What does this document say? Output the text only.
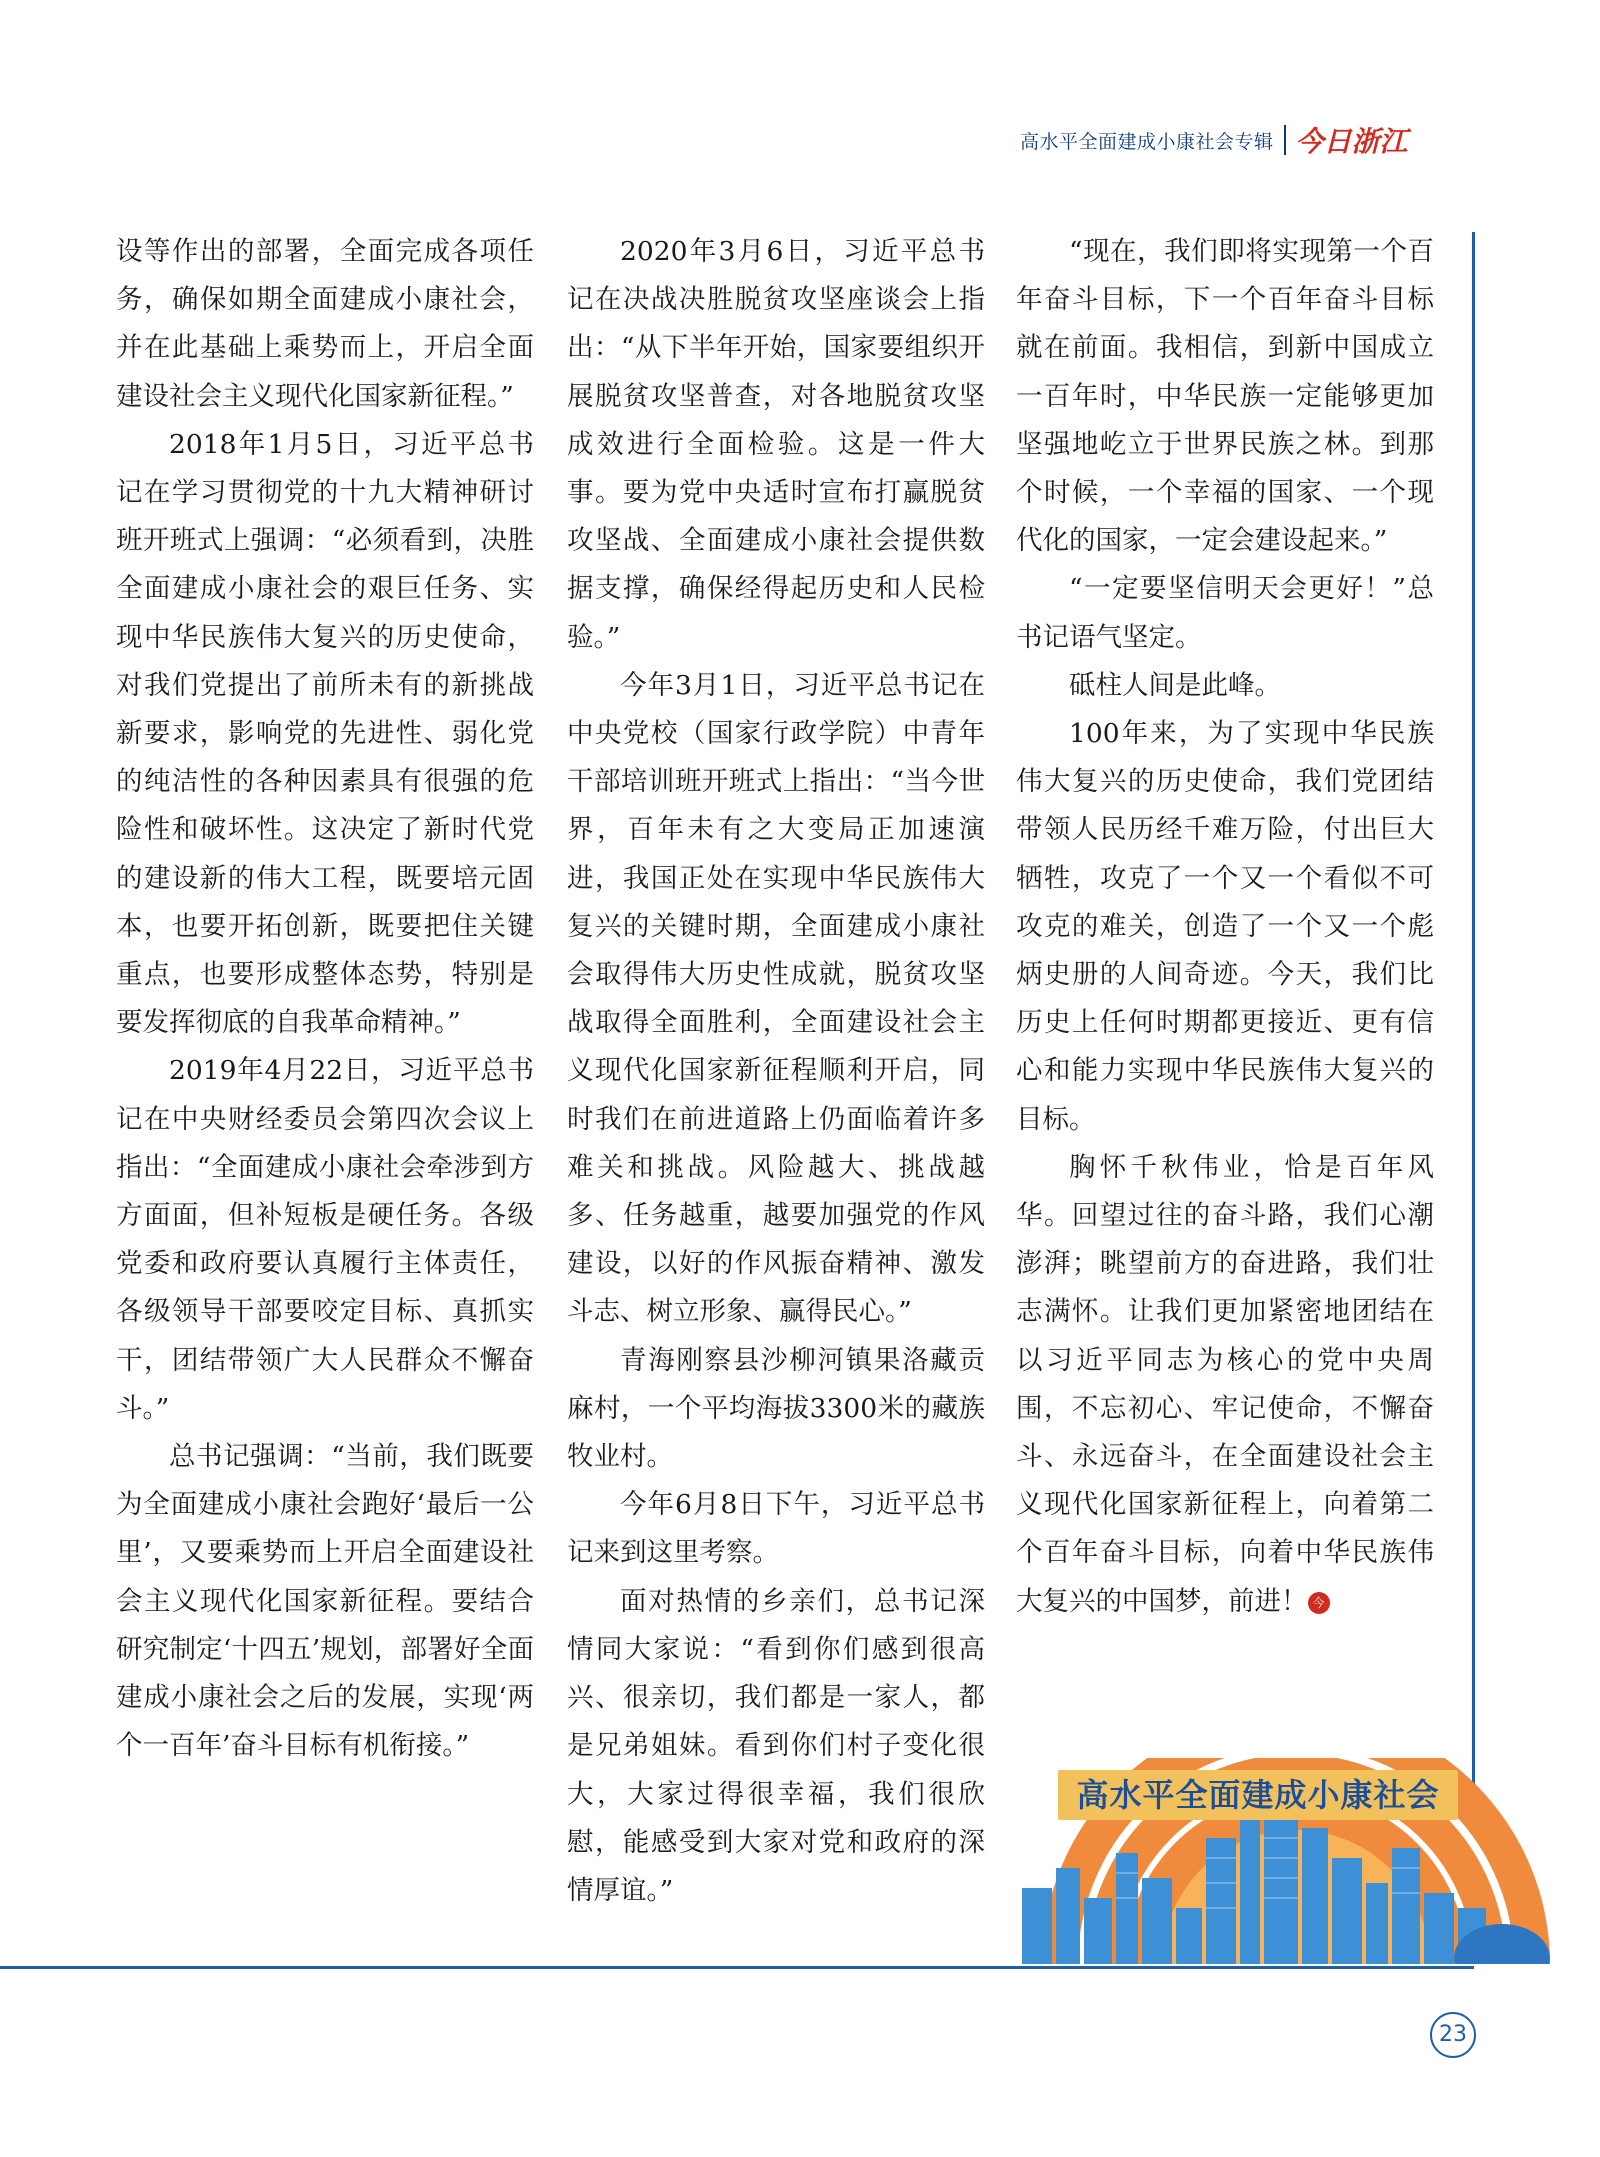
高水平全面建成小康社会专辑 今日浙江

设等作出的部署，全面完成各项任务，确保如期全面建成小康社会，并在此基础上乘势而上，开启全面建设社会主义现代化国家新征程。”

2018年1月5日，习近平总书记在学习贯彻党的十九大精神研讨班开班式上强调：“必须看到，决胜全面建成小康社会的艰巨任务、实现中华民族伟大复兴的历史使命，对我们党提出了前所未有的新挑战新要求，影响党的先进性、弱化党的纯洁性的各种因素具有很强的危险性和破坏性。这决定了新时代党的建设新的伟大工程，既要培元固本，也要开拓创新，既要把住关键重点，也要形成整体态势，特别是要发挥彻底的自我革命精神。”

2019年4月22日，习近平总书记在中央财经委员会第四次会议上指出：“全面建成小康社会牵涉到方方面面，但补短板是硬任务。各级党委和政府要认真履行主体责任，各级领导干部要咬定目标、真抓实干，团结带领广大人民群众不懈奋斗。”

总书记强调：“当前，我们既要为全面建成小康社会跑好‘最后一公里’，又要乘势而上开启全面建设社会主义现代化国家新征程。要结合研究制定‘十四五’规划，部署好全面建成小康社会之后的发展，实现‘两个一百年’奋斗目标有机衔接。”

2020年3月6日，习近平总书记在决战决胜脱贫攻坚座谈会上指出：“从下半年开始，国家要组织开展脱贫攻坚普查，对各地脱贫攻坚成效进行全面检验。这是一件大事。要为党中央适时宣布打赢脱贫攻坚战、全面建成小康社会提供数据支撑，确保经得起历史和人民检验。”

今年3月1日，习近平总书记在中央党校（国家行政学院）中青年干部培训班开班式上指出：“当今世界，百年未有之大变局正加速演进，我国正处在实现中华民族伟大复兴的关键时期，全面建成小康社会取得伟大历史性成就，脱贫攻坚战取得全面胜利，全面建设社会主义现代化国家新征程顺利开启，同时我们在前进道路上仍面临着许多难关和挑战。风险越大、挑战越多、任务越重，越要加强党的作风建设，以好的作风振奋精神、激发斗志、树立形象、赢得民心。”

青海刚察县沙柳河镇果洛藏贡麻村，一个平均海拔3300米的藏族牧业村。

今年6月8日下午，习近平总书记来到这里考察。

面对热情的乡亲们，总书记深情同大家说：“看到你们感到很高兴、很亲切，我们都是一家人，都是兄弟姐妹。看到你们村子变化很大，大家过得很幸福，我们很欣慰，能感受到大家对党和政府的深情厚谊。”

“现在，我们即将实现第一个百年奋斗目标，下一个百年奋斗目标就在前面。我相信，到新中国成立一百年时，中华民族一定能够更加坚强地屹立于世界民族之林。到那个时候，一个幸福的国家、一个现代化的国家，一定会建设起来。”

“一定要坚信明天会更好！”总书记语气坚定。

砥柱人间是此峰。

100年来，为了实现中华民族伟大复兴的历史使命，我们党团结带领人民历经千难万险，付出巨大牺牲，攻克了一个又一个看似不可攻克的难关，创造了一个又一个彪炳史册的人间奇迹。今天，我们比历史上任何时期都更接近、更有信心和能力实现中华民族伟大复兴的目标。

胸怀千秋伟业，恰是百年风华。回望过往的奋斗路，我们心潮澎湃；眺望前方的奋进路，我们壮志满怀。让我们更加紧密地团结在以习近平同志为核心的党中央周围，不忘初心、牢记使命，不懈奋斗、永远奋斗，在全面建设社会主义现代化国家新征程上，向着第二个百年奋斗目标，向着中华民族伟大复兴的中国梦，前进！ 今

高水平全面建成小康社会
23
